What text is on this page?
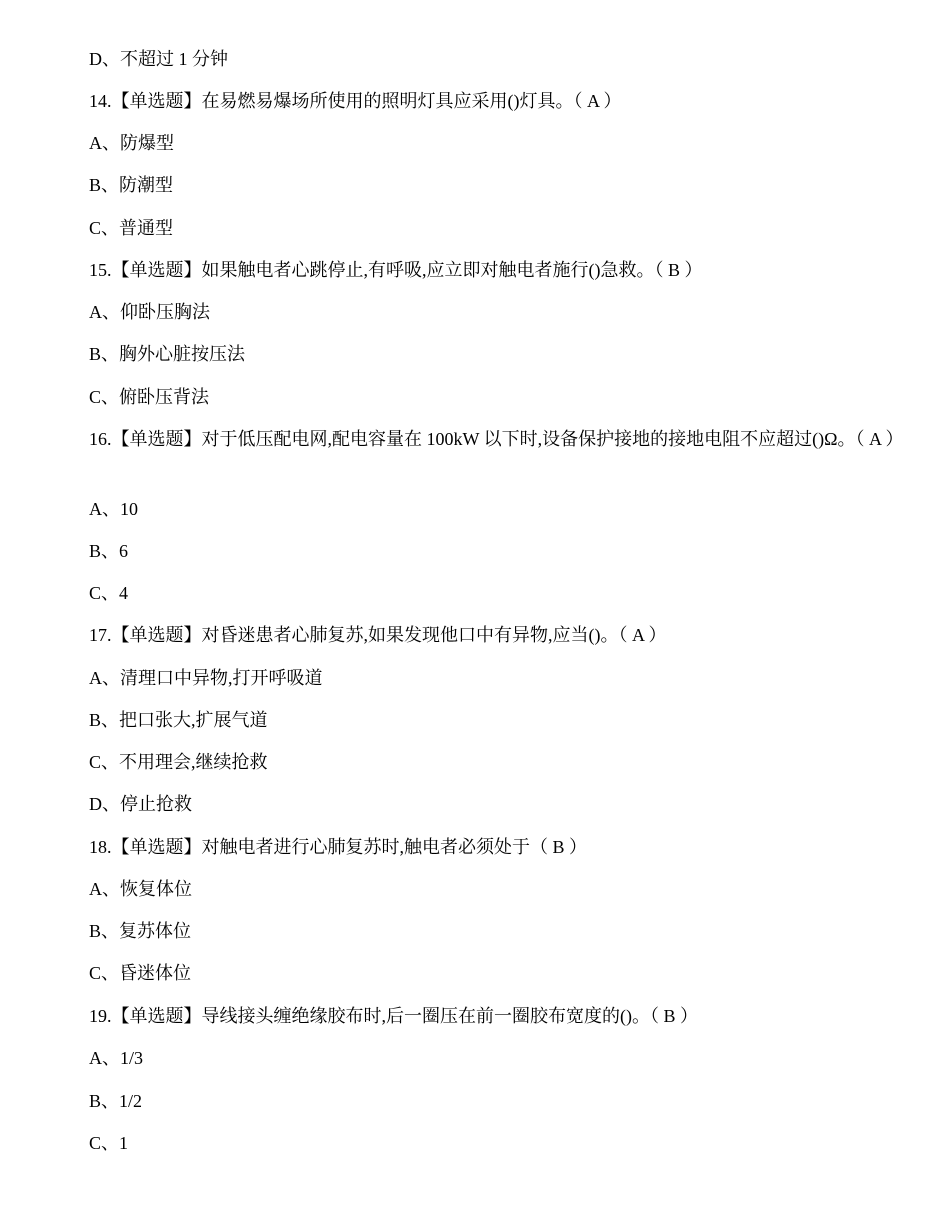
D、不超过 1 分钟
14.【单选题】在易燃易爆场所使用的照明灯具应采用()灯具。（ A ）
A、防爆型
B、防潮型
C、普通型
15.【单选题】如果触电者心跳停止,有呼吸,应立即对触电者施行()急救。（ B ）
A、仰卧压胸法
B、胸外心脏按压法
C、俯卧压背法
16.【单选题】对于低压配电网,配电容量在 100kW 以下时,设备保护接地的接地电阻不应超过()Ω。（ A ）
A、10
B、6
C、4
17.【单选题】对昏迷患者心肺复苏,如果发现他口中有异物,应当()。（ A ）
A、清理口中异物,打开呼吸道
B、把口张大,扩展气道
C、不用理会,继续抢救
D、停止抢救
18.【单选题】对触电者进行心肺复苏时,触电者必须处于（ B ）
A、恢复体位
B、复苏体位
C、昏迷体位
19.【单选题】导线接头缠绝缘胶布时,后一圈压在前一圈胶布宽度的()。（ B ）
A、1/3
B、1/2
C、1
